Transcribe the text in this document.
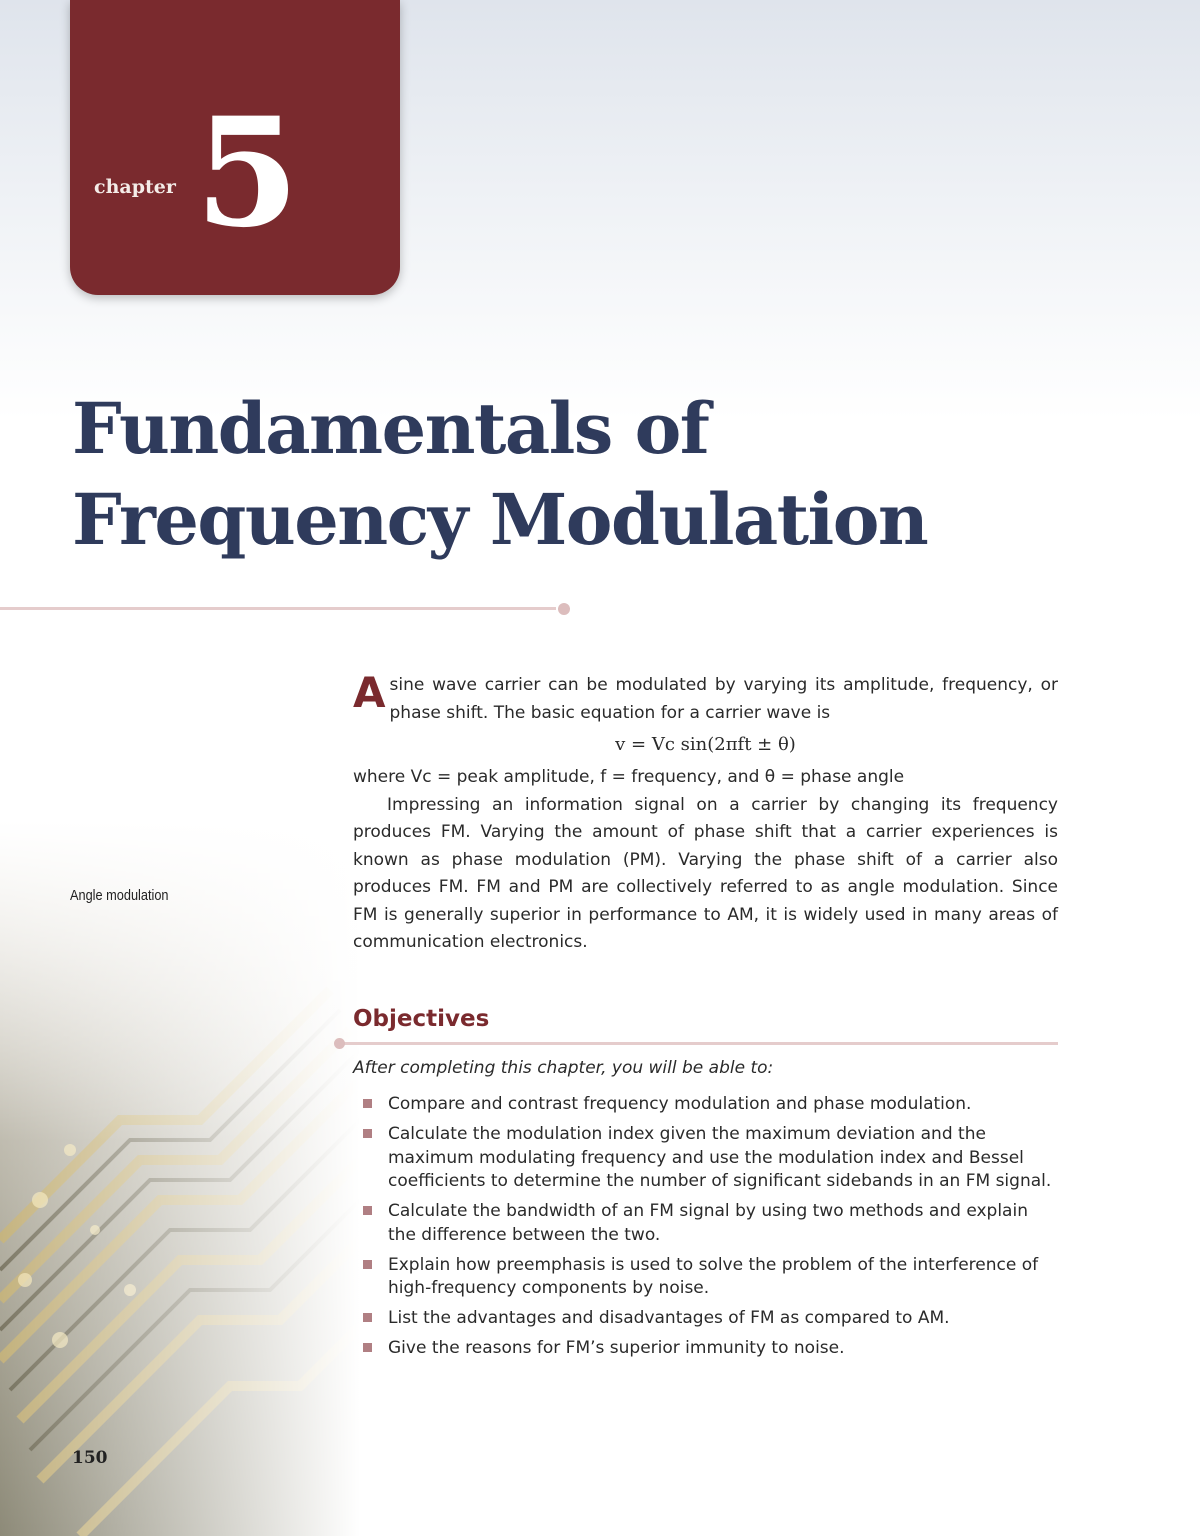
chapter 5
Fundamentals of
Frequency Modulation
Angle modulation

A sine wave carrier can be modulated by varying its amplitude, frequency, or phase shift. The basic equation for a carrier wave is

v = Vc sin(2πft ± θ)

where Vc = peak amplitude, f = frequency, and θ = phase angle

Impressing an information signal on a carrier by changing its frequency produces FM. Varying the amount of phase shift that a carrier experiences is known as phase modulation (PM). Varying the phase shift of a carrier also produces FM. FM and PM are collectively referred to as angle modulation. Since FM is generally superior in performance to AM, it is widely used in many areas of communication electronics.

Objectives
After completing this chapter, you will be able to:
Compare and contrast frequency modulation and phase modulation.
Calculate the modulation index given the maximum deviation and the maximum modulating frequency and use the modulation index and Bessel coefficients to determine the number of significant sidebands in an FM signal.
Calculate the bandwidth of an FM signal by using two methods and explain the difference between the two.
Explain how preemphasis is used to solve the problem of the interference of high-frequency components by noise.
List the advantages and disadvantages of FM as compared to AM.
Give the reasons for FM’s superior immunity to noise.
150
